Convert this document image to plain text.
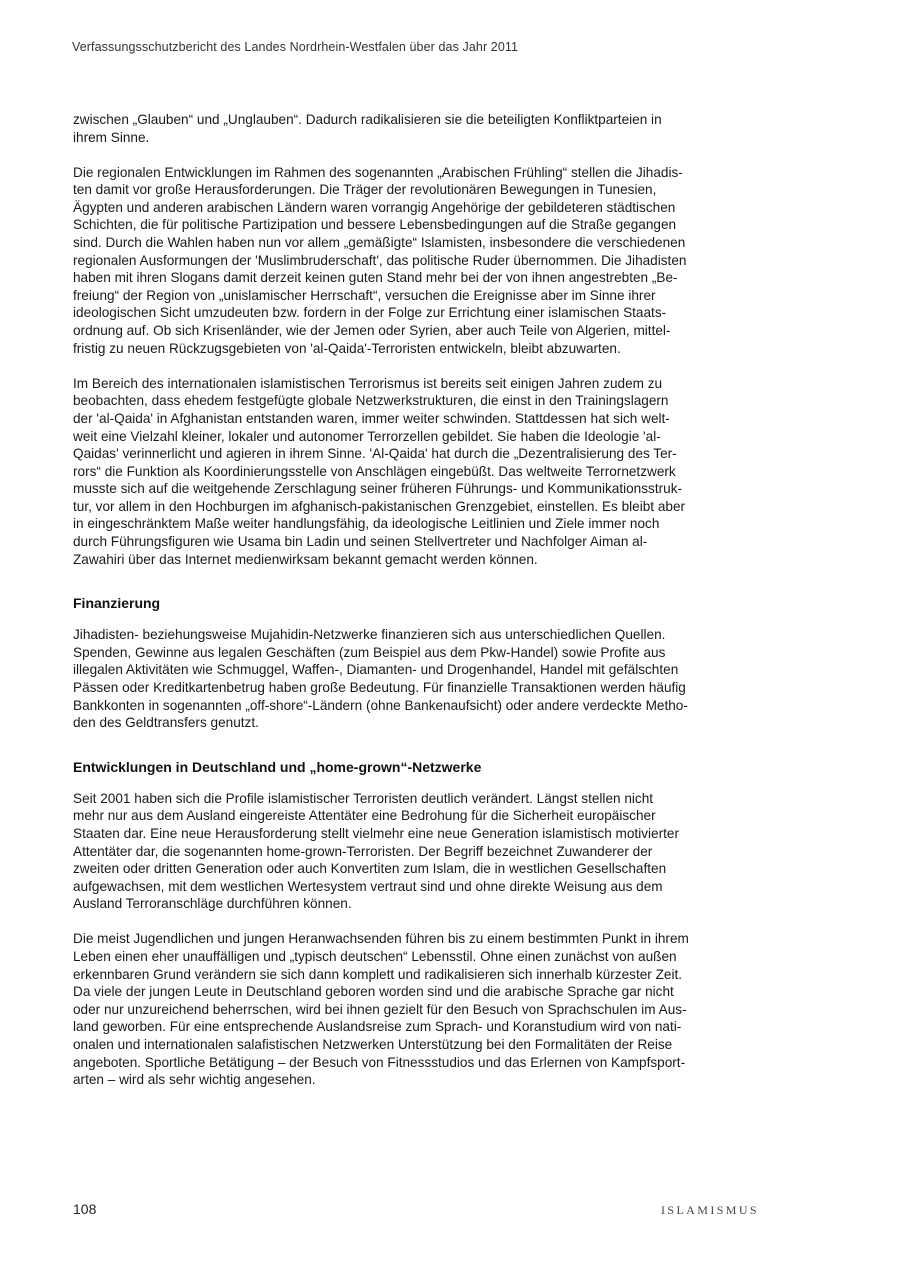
Verfassungsschutzbericht des Landes Nordrhein-Westfalen über das Jahr 2011

zwischen „Glauben“ und „Unglauben“. Dadurch radikalisieren sie die beteiligten Konfliktparteien in
ihrem Sinne.

Die regionalen Entwicklungen im Rahmen des sogenannten „Arabischen Frühling“ stellen die Jihadis-
ten damit vor große Herausforderungen. Die Träger der revolutionären Bewegungen in Tunesien,
Ägypten und anderen arabischen Ländern waren vorrangig Angehörige der gebildeteren städtischen
Schichten, die für politische Partizipation und bessere Lebensbedingungen auf die Straße gegangen
sind. Durch die Wahlen haben nun vor allem „gemäßigte“ Islamisten, insbesondere die verschiedenen
regionalen Ausformungen der 'Muslimbruderschaft', das politische Ruder übernommen. Die Jihadisten
haben mit ihren Slogans damit derzeit keinen guten Stand mehr bei der von ihnen angestrebten „Be-
freiung“ der Region von „unislamischer Herrschaft“, versuchen die Ereignisse aber im Sinne ihrer
ideologischen Sicht umzudeuten bzw. fordern in der Folge zur Errichtung einer islamischen Staats-
ordnung auf. Ob sich Krisenländer, wie der Jemen oder Syrien, aber auch Teile von Algerien, mittel-
fristig zu neuen Rückzugsgebieten von 'al-Qaida'-Terroristen entwickeln, bleibt abzuwarten.

Im Bereich des internationalen islamistischen Terrorismus ist bereits seit einigen Jahren zudem zu
beobachten, dass ehedem festgefügte globale Netzwerkstrukturen, die einst in den Trainingslagern
der 'al-Qaida' in Afghanistan entstanden waren, immer weiter schwinden. Stattdessen hat sich welt-
weit eine Vielzahl kleiner, lokaler und autonomer Terrorzellen gebildet. Sie haben die Ideologie 'al-
Qaidas' verinnerlicht und agieren in ihrem Sinne. 'Al-Qaida' hat durch die „Dezentralisierung des Ter-
rors“ die Funktion als Koordinierungsstelle von Anschlägen eingebüßt. Das weltweite Terrornetzwerk
musste sich auf die weitgehende Zerschlagung seiner früheren Führungs- und Kommunikationsstruk-
tur, vor allem in den Hochburgen im afghanisch-pakistanischen Grenzgebiet, einstellen. Es bleibt aber
in eingeschränktem Maße weiter handlungsfähig, da ideologische Leitlinien und Ziele immer noch
durch Führungsfiguren wie Usama bin Ladin und seinen Stellvertreter und Nachfolger Aiman al-
Zawahiri über das Internet medienwirksam bekannt gemacht werden können.

Finanzierung

Jihadisten- beziehungsweise Mujahidin-Netzwerke finanzieren sich aus unterschiedlichen Quellen.
Spenden, Gewinne aus legalen Geschäften (zum Beispiel aus dem Pkw-Handel) sowie Profite aus
illegalen Aktivitäten wie Schmuggel, Waffen-, Diamanten- und Drogenhandel, Handel mit gefälschten
Pässen oder Kreditkartenbetrug haben große Bedeutung. Für finanzielle Transaktionen werden häufig
Bankkonten in sogenannten „off-shore“-Ländern (ohne Bankenaufsicht) oder andere verdeckte Metho-
den des Geldtransfers genutzt.

Entwicklungen in Deutschland und „home-grown“-Netzwerke

Seit 2001 haben sich die Profile islamistischer Terroristen deutlich verändert. Längst stellen nicht
mehr nur aus dem Ausland eingereiste Attentäter eine Bedrohung für die Sicherheit europäischer
Staaten dar. Eine neue Herausforderung stellt vielmehr eine neue Generation islamistisch motivierter
Attentäter dar, die sogenannten home-grown-Terroristen. Der Begriff bezeichnet Zuwanderer der
zweiten oder dritten Generation oder auch Konvertiten zum Islam, die in westlichen Gesellschaften
aufgewachsen, mit dem westlichen Wertesystem vertraut sind und ohne direkte Weisung aus dem
Ausland Terroranschläge durchführen können.

Die meist Jugendlichen und jungen Heranwachsenden führen bis zu einem bestimmten Punkt in ihrem
Leben einen eher unauffälligen und „typisch deutschen“ Lebensstil. Ohne einen zunächst von außen
erkennbaren Grund verändern sie sich dann komplett und radikalisieren sich innerhalb kürzester Zeit.
Da viele der jungen Leute in Deutschland geboren worden sind und die arabische Sprache gar nicht
oder nur unzureichend beherrschen, wird bei ihnen gezielt für den Besuch von Sprachschulen im Aus-
land geworben. Für eine entsprechende Auslandsreise zum Sprach- und Koranstudium wird von nati-
onalen und internationalen salafistischen Netzwerken Unterstützung bei den Formalitäten der Reise
angeboten. Sportliche Betätigung – der Besuch von Fitnessstudios und das Erlernen von Kampfsport-
arten – wird als sehr wichtig angesehen.

108	ISLAMISMUS
